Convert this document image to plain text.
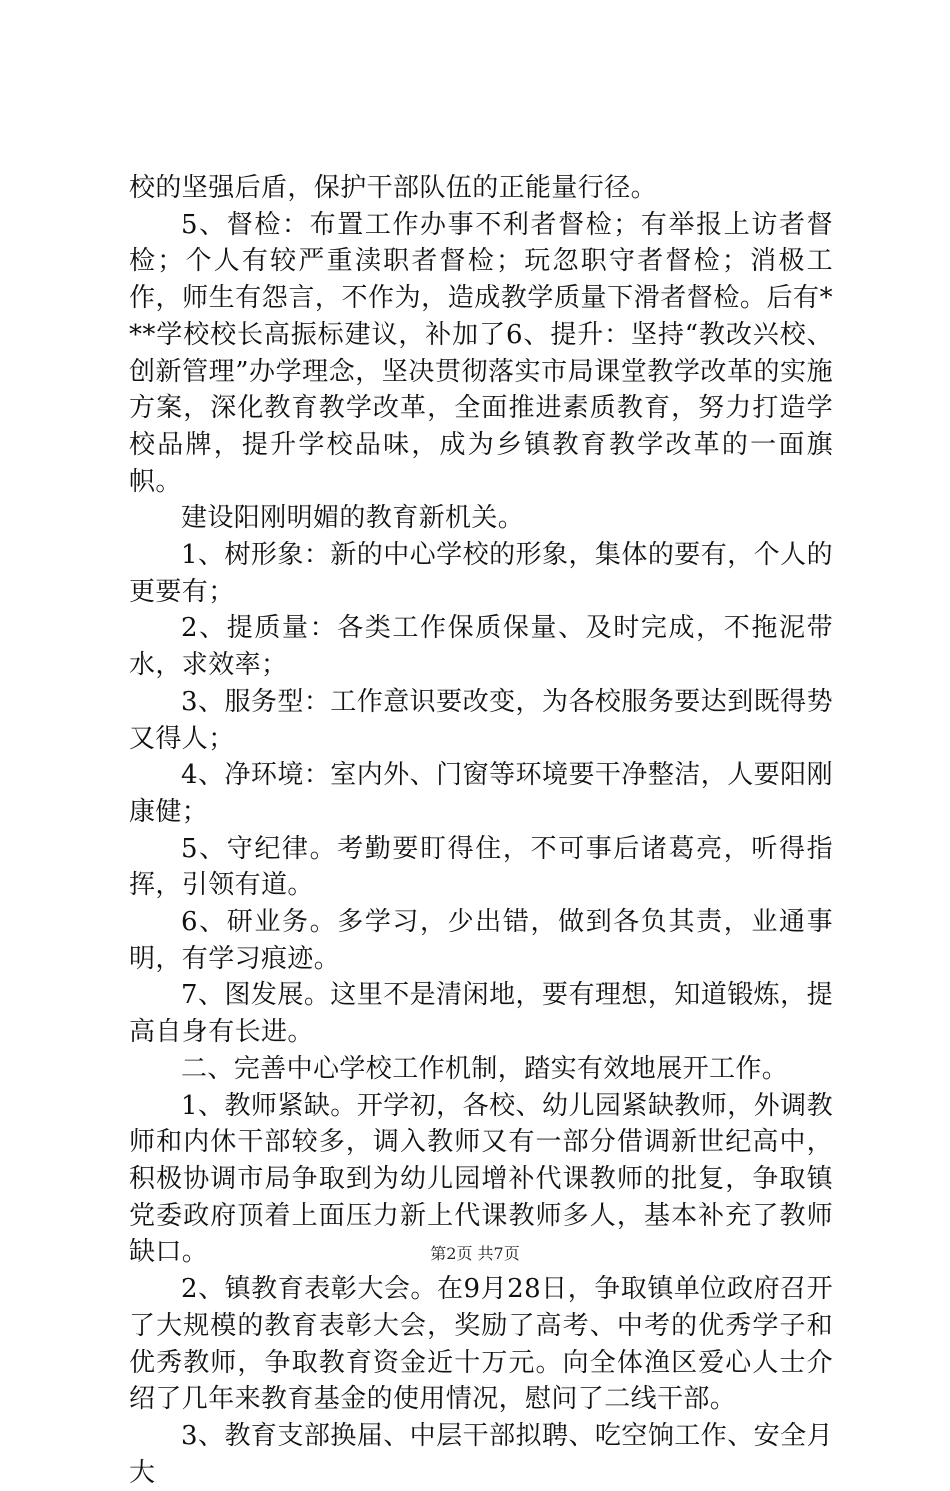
校的坚强后盾，保护干部队伍的正能量行径。

5、督检：布置工作办事不利者督检；有举报上访者督检；个人有较严重渎职者督检；玩忽职守者督检；消极工作，师生有怨言，不作为，造成教学质量下滑者督检。后有***学校校长高振标建议，补加了6、提升：坚持“教改兴校、创新管理”办学理念，坚决贯彻落实市局课堂教学改革的实施方案，深化教育教学改革，全面推进素质教育，努力打造学校品牌，提升学校品味，成为乡镇教育教学改革的一面旗帜。

建设阳刚明媚的教育新机关。

1、树形象：新的中心学校的形象，集体的要有，个人的更要有；

2、提质量：各类工作保质保量、及时完成，不拖泥带水，求效率；

3、服务型：工作意识要改变，为各校服务要达到既得势又得人；

4、净环境：室内外、门窗等环境要干净整洁，人要阳刚康健；

5、守纪律。考勤要盯得住，不可事后诸葛亮，听得指挥，引领有道。

6、研业务。多学习，少出错，做到各负其责，业通事明，有学习痕迹。

7、图发展。这里不是清闲地，要有理想，知道锻炼，提高自身有长进。

二、完善中心学校工作机制，踏实有效地展开工作。

1、教师紧缺。开学初，各校、幼儿园紧缺教师，外调教师和内休干部较多，调入教师又有一部分借调新世纪高中，积极协调市局争取到为幼儿园增补代课教师的批复，争取镇党委政府顶着上面压力新上代课教师多人，基本补充了教师缺口。

2、镇教育表彰大会。在9月28日，争取镇单位政府召开了大规模的教育表彰大会，奖励了高考、中考的优秀学子和优秀教师，争取教育资金近十万元。向全体渔区爱心人士介绍了几年来教育基金的使用情况，慰问了二线干部。

3、教育支部换届、中层干部拟聘、吃空饷工作、安全月大

第2页 共7页
